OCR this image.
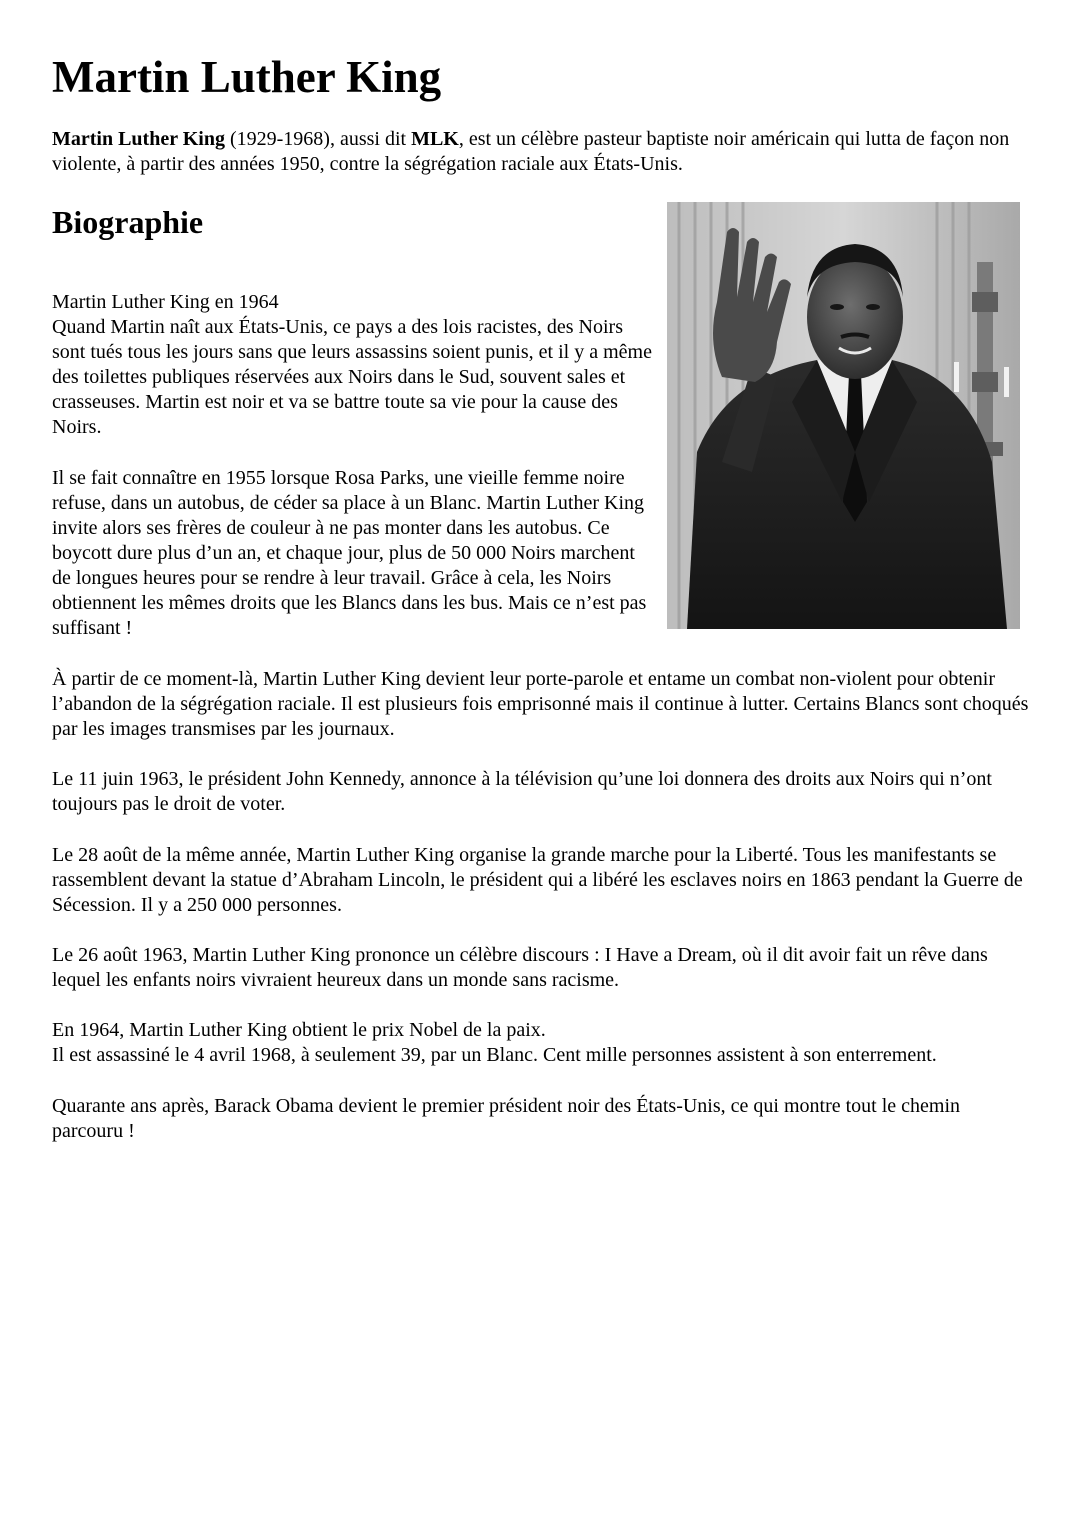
Martin Luther King

Martin Luther King (1929-1968), aussi dit MLK, est un célèbre pasteur baptiste noir américain qui lutta de façon non violente, à partir des années 1950, contre la ségrégation raciale aux États-Unis.

Biographie

Martin Luther King en 1964
Quand Martin naît aux États-Unis, ce pays a des lois racistes, des Noirs sont tués tous les jours sans que leurs assassins soient punis, et il y a même des toilettes publiques réservées aux Noirs dans le Sud, souvent sales et crasseuses. Martin est noir et va se battre toute sa vie pour la cause des Noirs.

Il se fait connaître en 1955 lorsque Rosa Parks, une vieille femme noire refuse, dans un autobus, de céder sa place à un Blanc. Martin Luther King invite alors ses frères de couleur à ne pas monter dans les autobus. Ce boycott dure plus d’un an, et chaque jour, plus de 50 000 Noirs marchent de longues heures pour se rendre à leur travail. Grâce à cela, les Noirs obtiennent les mêmes droits que les Blancs dans les bus. Mais ce n’est pas suffisant !

À partir de ce moment-là, Martin Luther King devient leur porte-parole et entame un combat non-violent pour obtenir l’abandon de la ségrégation raciale. Il est plusieurs fois emprisonné mais il continue à lutter. Certains Blancs sont choqués par les images transmises par les journaux.

Le 11 juin 1963, le président John Kennedy, annonce à la télévision qu’une loi donnera des droits aux Noirs qui n’ont toujours pas le droit de voter.

Le 28 août de la même année, Martin Luther King organise la grande marche pour la Liberté. Tous les manifestants se rassemblent devant la statue d’Abraham Lincoln, le président qui a libéré les esclaves noirs en 1863 pendant la Guerre de Sécession. Il y a 250 000 personnes.

Le 26 août 1963, Martin Luther King prononce un célèbre discours : I Have a Dream, où il dit avoir fait un rêve dans lequel les enfants noirs vivraient heureux dans un monde sans racisme.

En 1964, Martin Luther King obtient le prix Nobel de la paix.
Il est assassiné le 4 avril 1968, à seulement 39, par un Blanc. Cent mille personnes assistent à son enterrement.

Quarante ans après, Barack Obama devient le premier président noir des États-Unis, ce qui montre tout le chemin parcouru !
